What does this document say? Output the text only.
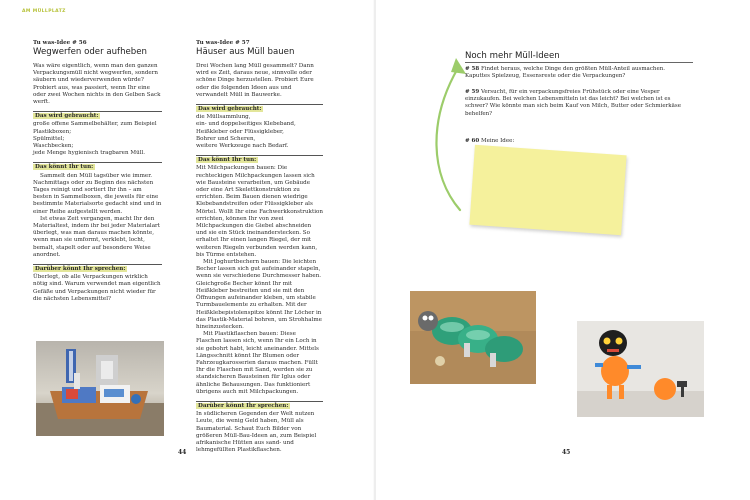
AM MÜLLPLATZ
Tu was-Idee # 56
Wegwerfen oder aufheben
Was wäre eigentlich, wenn man den ganzen Verpackungsmüll nicht wegwerfen, sondern säubern und wiederverwenden würde? Probiert aus, was passiert, wenn Ihr eine oder zwei Wochen nichts in den Gelben Sack werft.
Das wird gebraucht:
große offene Sammelbehälter, zum Beispiel
Plastikboxen;
Spülmittel;
Waschbecken;
jede Menge hygienisch tragbaren Müll.
Das könnt Ihr tun:
Sammelt den Müll tagsüber wie immer. Nachmittags oder zu Beginn des nächsten Tages reinigt und sortiert Ihr ihn – am besten in Sammelboxen, die jeweils für eine bestimmte Materialsorte gedacht sind und in einer Reihe aufgestellt werden.
Ist etwas Zeit vergangen, macht Ihr den Materialtest, indem ihr bei jeder Materialart überlegt, was man daraus machen könnte, wenn man sie umformt, verklebt, locht, bemalt, stapelt oder auf besondere Weise anordnet.
Darüber könnt Ihr sprechen:
Überlegt, ob alle Verpackungen wirklich nötig sind. Warum verwendet man eigentlich Gefäße und Verpackungen nicht wieder für die nächsten Lebensmittel?
Tu was-Idee # 57
Häuser aus Müll bauen
Drei Wochen lang Müll gesammelt? Dann wird es Zeit, daraus neue, sinnvolle oder schöne Dinge herzustellen. Probiert Eure oder die folgenden Ideen aus und verwandelt Müll in Bauwerke.
Das wird gebraucht:
die Müllsammlung,
ein- und doppelseitiges Klebeband,
Heißkleber oder Flüssigkleber,
Bohrer und Scheren,
weitere Werkzeuge nach Bedarf.
Das könnt Ihr tun:
Mit Milchpackungen bauen: Die rechteckigen Milchpackungen lassen sich wie Bausteine verarbeiten, um Gebäude oder eine Art Skelettkonstruktion zu errichten. Beim Bauen dienen wiedrige Klebebandstreifen oder Flüssigkleber als Mörtel. Wollt Ihr eine Fachwerkkonstruktion errichten, können Ihr von zwei Milchpackungen die Giebel abschneiden und sie ein Stück ineinanderstecken. So erhaltet Ihr einen langen Riegel, der mit weiteren Riegeln verbunden werden kann, bis Türme entstehen.
Mit Joghurtbechern bauen: Die leichten Becher lassen sich gut aufeinander stapeln, wenn sie verschiedene Durchmesser haben. Gleichgroße Becher könnt Ihr mit Heißkleber bestreiten und sie mit den Öffnungen aufeinander kleben, um stabile Turmbauelemente zu erhalten. Mit der Heißklebepistolenspitze könnt Ihr Löcher in das Plastik-Material bohren, um Strohhalme hineinzustecken.
Mit Plastikflaschen bauen: Diese Flaschen lassen sich, wenn Ihr ein Loch in sie gebohrt habt, leicht aneinander. Mittels Längsschnitt könnt Ihr Blumen oder Fahrzeugkarosserien daraus machen. Füllt Ihr die Flaschen mit Sand, werden sie zu standsicheren Bausteinen für Iglus oder ähnliche Behausungen. Das funktioniert übrigens auch mit Milchpackungen.
Darüber könnt Ihr sprechen:
In südlicheren Gegenden der Welt nutzen Leute, die wenig Geld haben, Müll als Baumaterial. Schaut Euch Bilder von größeren Müll-Bau-Ideen an, zum Beispiel afrikanische Hütten aus sand- und lehmgefüllten Plastikflaschen.
44
Noch mehr Müll-Ideen
# 58 Findet heraus, welche Dinge den größten Müll-Anteil ausmachen. Kaputtes Spielzeug, Essensreste oder die Verpackungen?
# 59 Versucht, für ein verpackungsfreies Frühstück oder eine Vesper einzukaufen. Bei welchen Lebensmitteln ist das leicht? Bei welchen ist es schwer? Wie könnte man sich beim Kauf von Milch, Butter oder Schmierkäse behelfen?
# 60 Meine Idee:
45
